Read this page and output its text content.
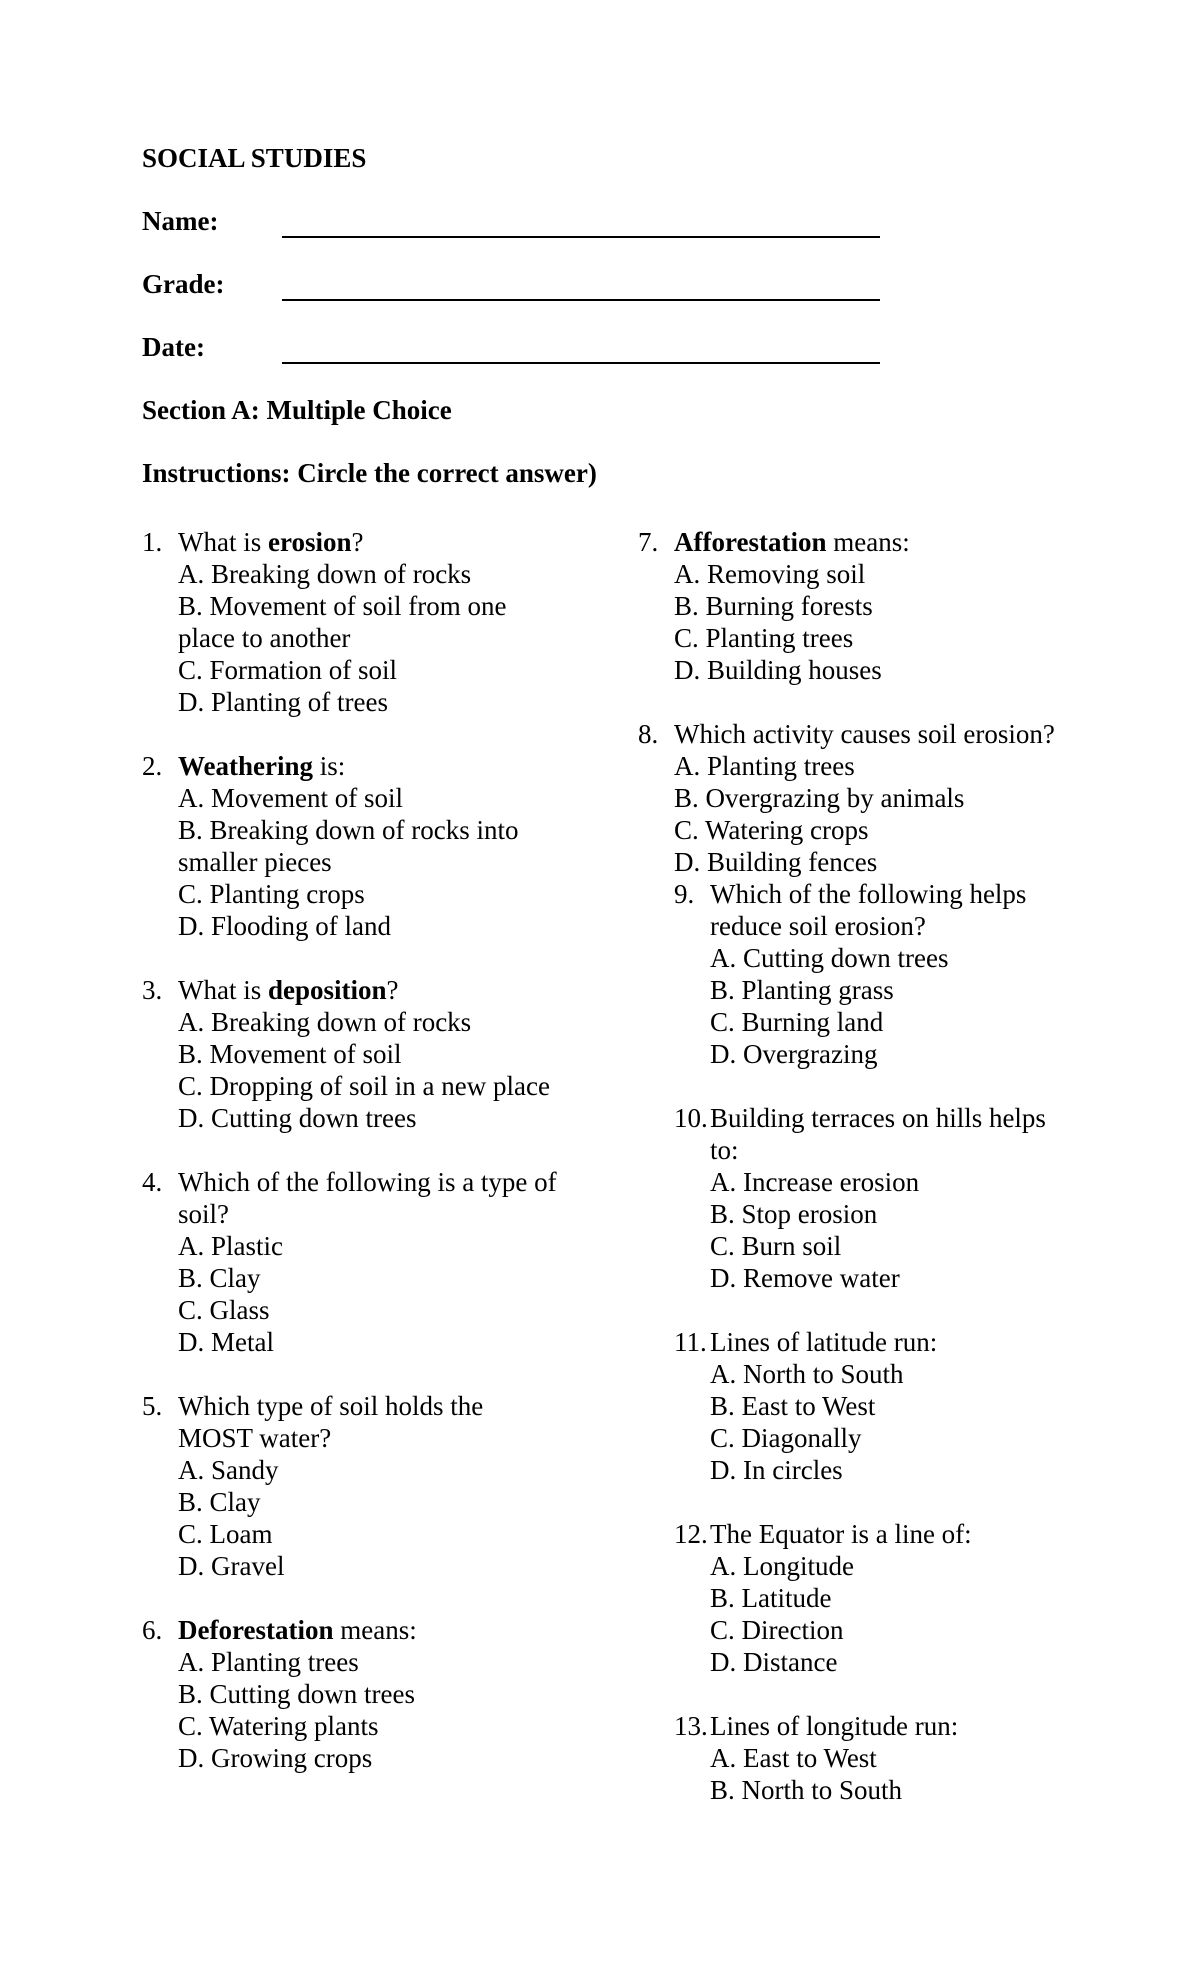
SOCIAL STUDIES
Name:
Grade:
Date:
Section A: Multiple Choice
Instructions: Circle the correct answer)
1. What is erosion?
A. Breaking down of rocks
B. Movement of soil from one
place to another
C. Formation of soil
D. Planting of trees
2. Weathering is:
A. Movement of soil
B. Breaking down of rocks into
smaller pieces
C. Planting crops
D. Flooding of land
3. What is deposition?
A. Breaking down of rocks
B. Movement of soil
C. Dropping of soil in a new place
D. Cutting down trees
4. Which of the following is a type of
soil?
A. Plastic
B. Clay
C. Glass
D. Metal
5. Which type of soil holds the
MOST water?
A. Sandy
B. Clay
C. Loam
D. Gravel
6. Deforestation means:
A. Planting trees
B. Cutting down trees
C. Watering plants
D. Growing crops
7. Afforestation means:
A. Removing soil
B. Burning forests
C. Planting trees
D. Building houses
8. Which activity causes soil erosion?
A. Planting trees
B. Overgrazing by animals
C. Watering crops
D. Building fences
9. Which of the following helps
reduce soil erosion?
A. Cutting down trees
B. Planting grass
C. Burning land
D. Overgrazing
10. Building terraces on hills helps
to:
A. Increase erosion
B. Stop erosion
C. Burn soil
D. Remove water
11. Lines of latitude run:
A. North to South
B. East to West
C. Diagonally
D. In circles
12. The Equator is a line of:
A. Longitude
B. Latitude
C. Direction
D. Distance
13. Lines of longitude run:
A. East to West
B. North to South
